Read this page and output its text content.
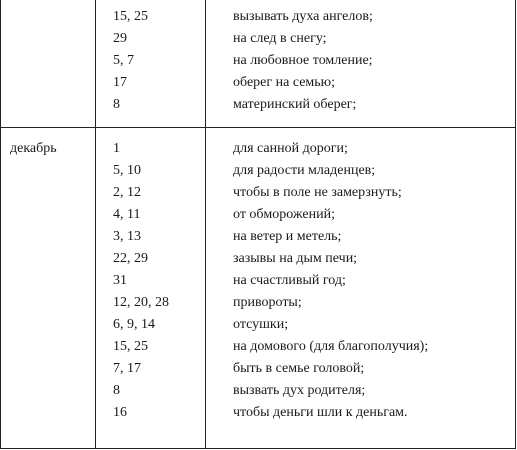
15, 25	вызывать духа ангелов;
29	на след в снегу;
5, 7	на любовное томление;
17	оберег на семью;
8	материнский оберег;
декабрь	1	для санной дороги;
5, 10	для радости младенцев;
2, 12	чтобы в поле не замерзнуть;
4, 11	от обморожений;
3, 13	на ветер и метель;
22, 29	зазывы на дым печи;
31	на счастливый год;
12, 20, 28	привороты;
6, 9, 14	отсушки;
15, 25	на домового (для благополучия);
7, 17	быть в семье головой;
8	вызвать дух родителя;
16	чтобы деньги шли к деньгам.
